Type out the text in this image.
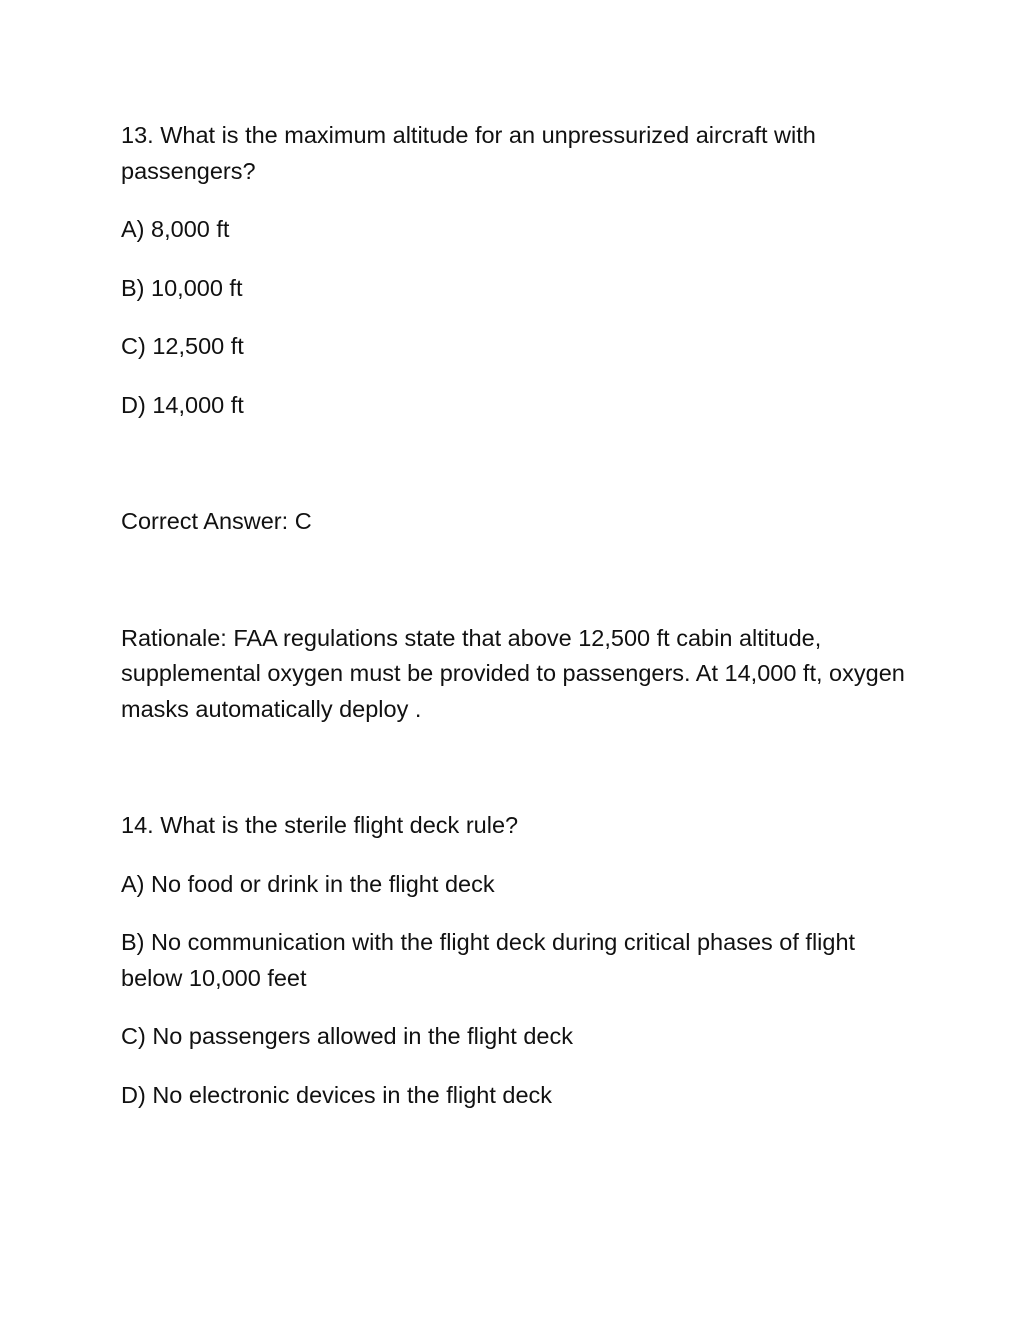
13. What is the maximum altitude for an unpressurized aircraft with passengers?

A) 8,000 ft

B) 10,000 ft

C) 12,500 ft

D) 14,000 ft

Correct Answer: C

Rationale: FAA regulations state that above 12,500 ft cabin altitude, supplemental oxygen must be provided to passengers. At 14,000 ft, oxygen masks automatically deploy .

14. What is the sterile flight deck rule?

A) No food or drink in the flight deck

B) No communication with the flight deck during critical phases of flight below 10,000 feet

C) No passengers allowed in the flight deck

D) No electronic devices in the flight deck
